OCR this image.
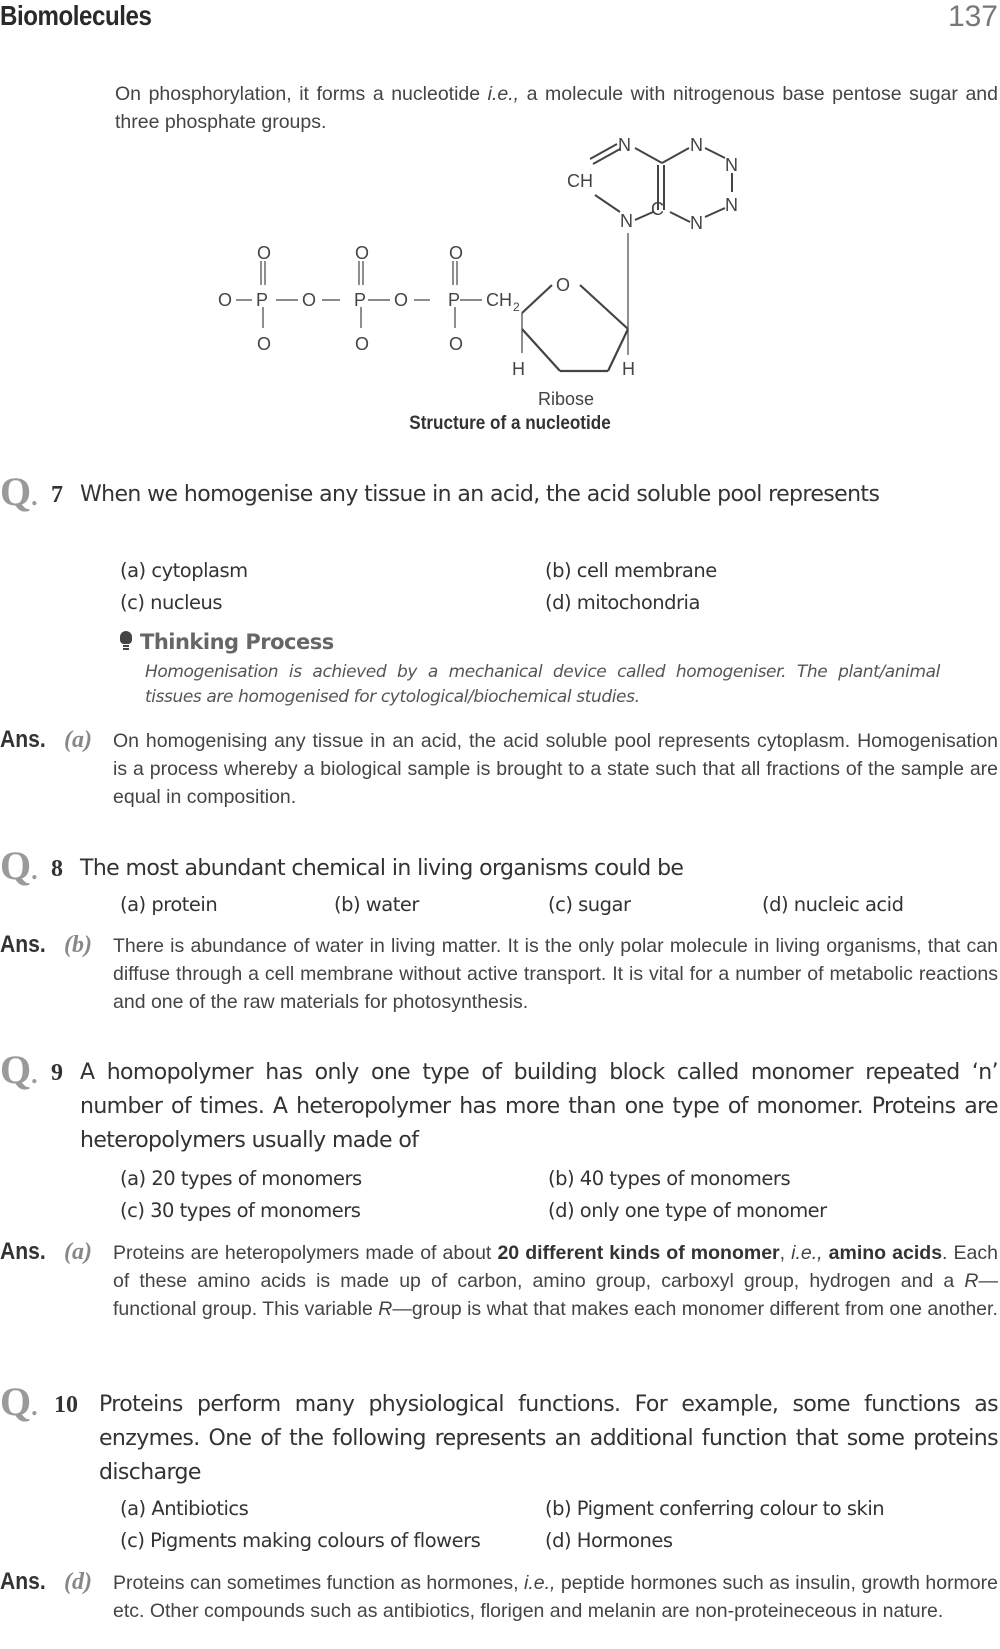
Biomolecules	137
On phosphorylation, it forms a nucleotide i.e., a molecule with nitrogenous base pentose sugar and three phosphate groups.
O P O P O P
O	O	O
O	O	O
CH 2
O
H	H
Ribose
N	N
N
N
N
C
N
CH
Structure of a nucleotide
Q. 7 When we homogenise any tissue in an acid, the acid soluble pool represents
(a) cytoplasm	(b) cell membrane
(c) nucleus	(d) mitochondria
Thinking Process
Homogenisation is achieved by a mechanical device called homogeniser. The plant/animal tissues are homogenised for cytological/biochemical studies.
Ans. (a) On homogenising any tissue in an acid, the acid soluble pool represents cytoplasm. Homogenisation is a process whereby a biological sample is brought to a state such that all fractions of the sample are equal in composition.
Q. 8 The most abundant chemical in living organisms could be
(a) protein	(b) water	(c) sugar	(d) nucleic acid
Ans. (b) There is abundance of water in living matter. It is the only polar molecule in living organisms, that can diffuse through a cell membrane without active transport. It is vital for a number of metabolic reactions and one of the raw materials for photosynthesis.
Q. 9 A homopolymer has only one type of building block called monomer repeated ‘n’ number of times. A heteropolymer has more than one type of monomer. Proteins are heteropolymers usually made of
(a) 20 types of monomers	(b) 40 types of monomers
(c) 30 types of monomers	(d) only one type of monomer
Ans. (a) Proteins are heteropolymers made of about 20 different kinds of monomer, i.e., amino acids. Each of these amino acids is made up of carbon, amino group, carboxyl group, hydrogen and a R—functional group. This variable R—group is what that makes each monomer different from one another.
Q. 10 Proteins perform many physiological functions. For example, some functions as enzymes. One of the following represents an additional function that some proteins discharge
(a) Antibiotics	(b) Pigment conferring colour to skin
(c) Pigments making colours of flowers	(d) Hormones
Ans. (d) Proteins can sometimes function as hormones, i.e., peptide hormones such as insulin, growth hormore etc. Other compounds such as antibiotics, florigen and melanin are non-proteineceous in nature.
